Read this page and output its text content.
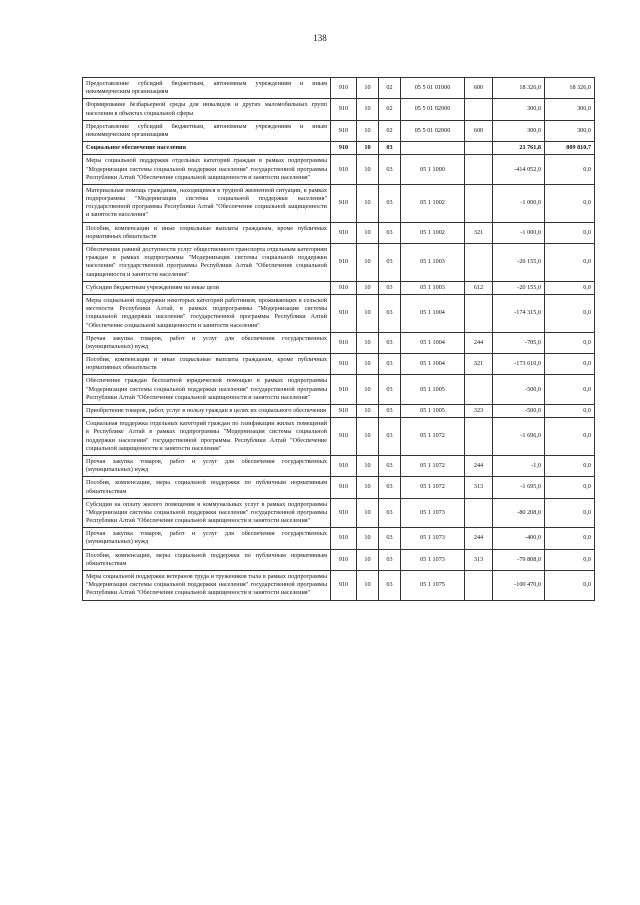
138
Предоставление субсидий бюджетным, автономным учреждениям и иным некоммерческим организациям	910	10	02	05 5 01 01000	600	18 326,0	18 326,0
Формирование безбарьерной среды для инвалидов и других маломобильных групп населения в объектах социальной сферы	910	10	02	05 5 01 02000		300,0	300,0
Предоставление субсидий бюджетным, автономным учреждениям и иным некоммерческим организациям	910	10	02	05 5 01 02000	600	300,0	300,0
Социальное обеспечение населения	910	10	03			21 761,8	809 810,7
Меры социальной поддержки отдельных категорий граждан в рамках подпрограммы "Модернизация системы социальной поддержки населения" государственной программы Республики Алтай "Обеспечение социальной защищенности и занятости населения"	910	10	03	05 1 1000		-414 052,0	0,0
Материальная помощь гражданам, находящимся в трудной жизненной ситуации, в рамках подпрограммы "Модернизация системы социальной поддержки населения" государственной программы Республики Алтай "Обеспечение социальной защищенности и занятости населения"	910	10	03	05 1 1002		-1 000,0	0,0
Пособия, компенсации и иные социальные выплаты гражданам, кроме публичных нормативных обязательств	910	10	03	05 1 1002	321	-1 000,0	0,0
Обеспечение равной доступности услуг общественного транспорта отдельным категориям граждан в рамках подпрограммы "Модернизация системы социальной поддержки населения" государственной программы Республики Алтай "Обеспечение социальной защищенности и занятости населения"	910	10	03	05 1 1003		-20 155,0	0,0
Субсидии бюджетным учреждениям на иные цели	910	10	03	05 1 1003	612	-20 155,0	0,0
Меры социальной поддержки некоторых категорий работников, проживающих в сельской местности Республики Алтай, в рамках подпрограммы "Модернизация системы социальной поддержки населения" государственной программы Республики Алтай "Обеспечение социальной защищенности и занятости населения"	910	10	03	05 1 1004		-174 315,0	0,0
Прочая закупка товаров, работ и услуг для обеспечения государственных (муниципальных) нужд	910	10	03	05 1 1004	244	-705,0	0,0
Пособия, компенсации и иные социальные выплаты гражданам, кроме публичных нормативных обязательств	910	10	03	05 1 1004	321	-173 610,0	0,0
Обеспечение граждан бесплатной юридической помощью в рамках подпрограммы "Модернизация системы социальной поддержки населения" государственной программы Республики Алтай "Обеспечение социальной защищенности и занятости населения"	910	10	03	05 1 1005		-500,0	0,0
Приобретение товаров, работ, услуг в пользу граждан в целях их социального обеспечения	910	10	03	05 1 1005	323	-500,0	0,0
Социальная поддержка отдельных категорий граждан по газификации жилых помещений в Республике Алтай в рамках подпрограммы "Модернизация системы социальной поддержки населения" государственной программы Республики Алтай "Обеспечение социальной защищенности и занятости населения"	910	10	03	05 1 1072		-1 696,0	0,0
Прочая закупка товаров, работ и услуг для обеспечения государственных (муниципальных) нужд	910	10	03	05 1 1072	244	-1,0	0,0
Пособия, компенсации, меры социальной поддержки по публичным нормативным обязательствам	910	10	03	05 1 1072	313	-1 695,0	0,0
Субсидии на оплату жилого помещения и коммунальных услуг в рамках подпрограммы "Модернизация системы социальной поддержки населения" государственной программы Республики Алтай "Обеспечение социальной защищенности и занятости населения"	910	10	03	05 1 1073		-80 208,0	0,0
Прочая закупка товаров, работ и услуг для обеспечения государственных (муниципальных) нужд	910	10	03	05 1 1073	244	-400,0	0,0
Пособия, компенсации, меры социальной поддержки по публичным нормативным обязательствам	910	10	03	05 1 1073	313	-79 808,0	0,0
Меры социальной поддержки ветеранов труда и тружеников тыла в рамках подпрограммы "Модернизация системы социальной поддержки населения" государственной программы Республики Алтай "Обеспечение социальной защищенности и занятости населения"	910	10	03	05 1 1075		-100 470,0	0,0
